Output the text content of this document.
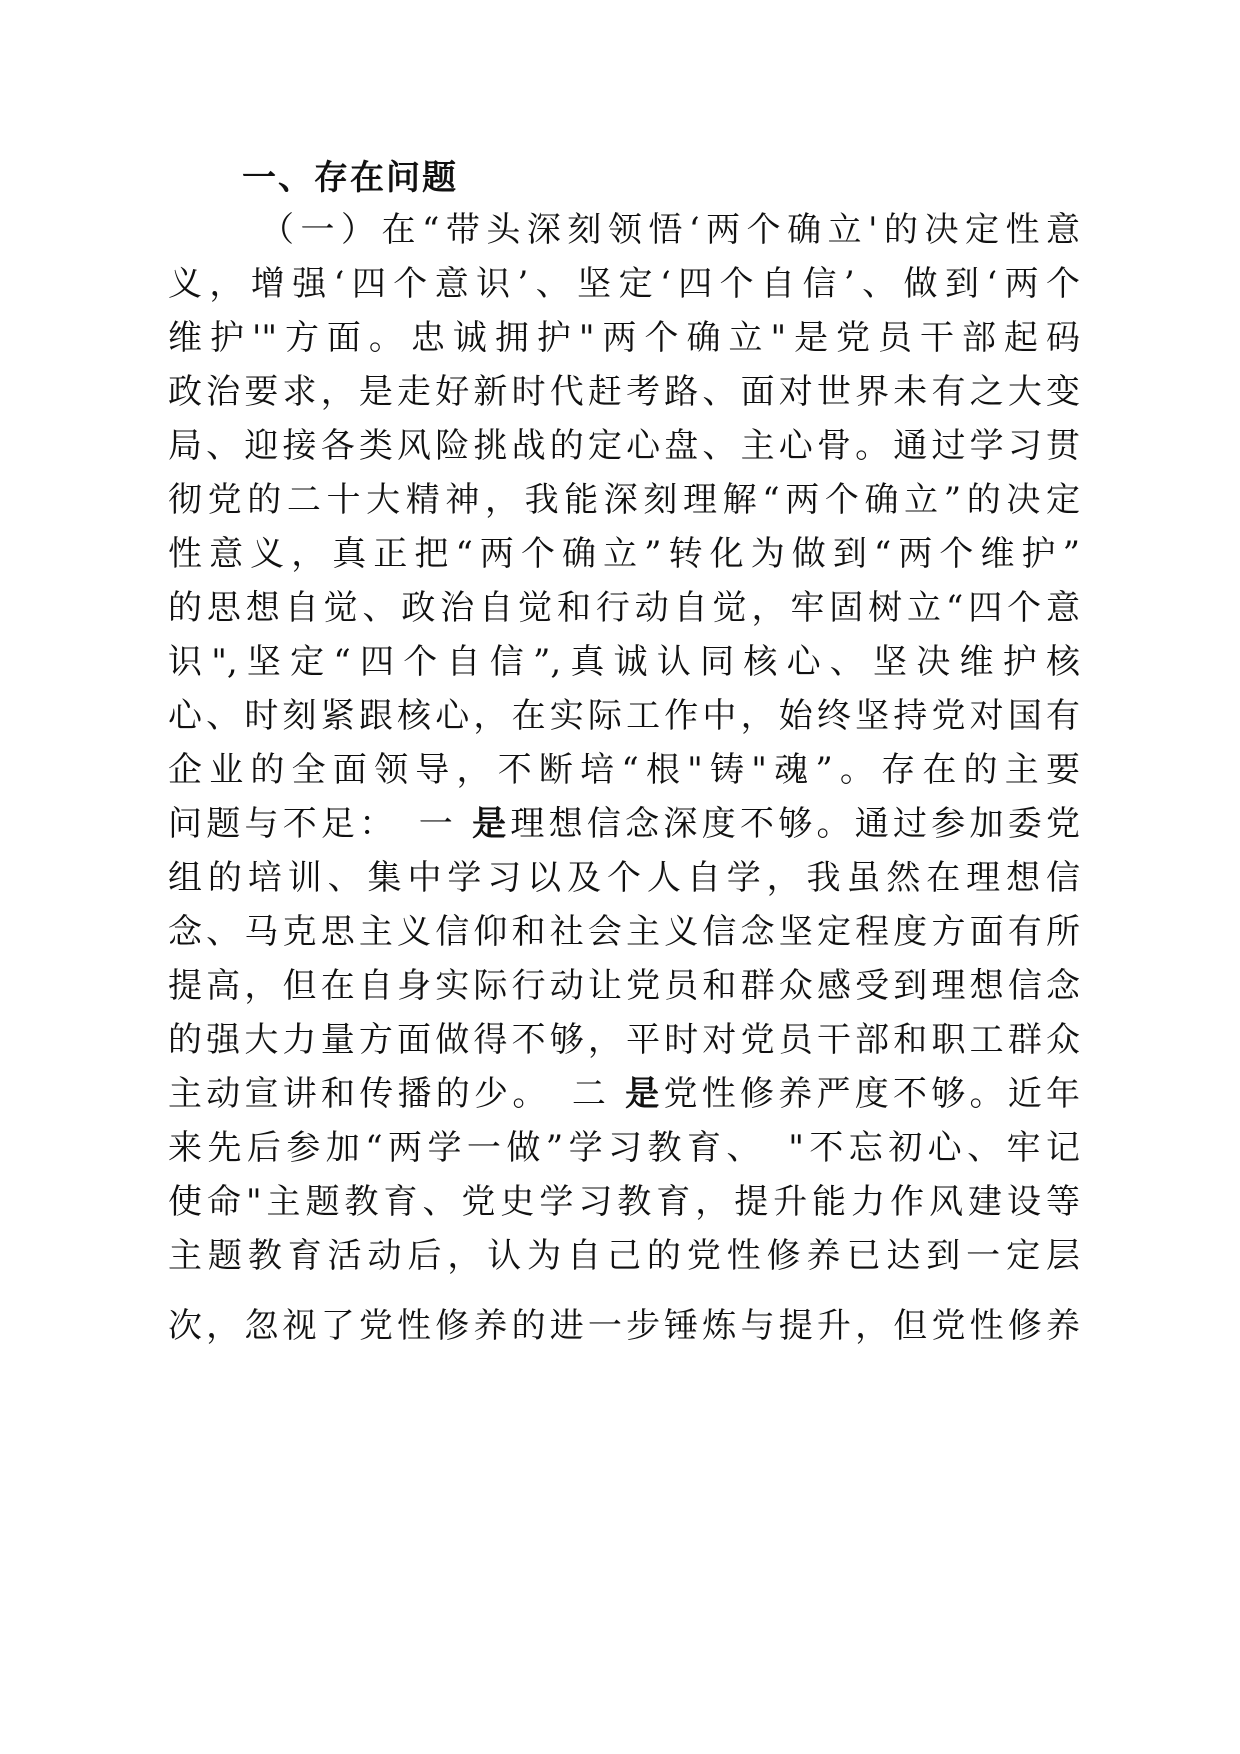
一、存在问题
（一）在“带头深刻领悟‘两个确立'的决定性意
义，增强‘四个意识’、坚定‘四个自信’、做到‘两个
维护'"方面。忠诚拥护"两个确立"是党员干部起码
政治要求，是走好新时代赶考路、面对世界未有之大变
局、迎接各类风险挑战的定心盘、主心骨。通过学习贯
彻党的二十大精神，我能深刻理解“两个确立”的决定
性意义，真正把“两个确立”转化为做到“两个维护”
的思想自觉、政治自觉和行动自觉，牢固树立“四个意
识",坚定“四个自信”,真诚认同核心、坚决维护核
心、时刻紧跟核心，在实际工作中，始终坚持党对国有
企业的全面领导，不断培“根"铸"魂”。存在的主要
问题与不足：　一 是理想信念深度不够。通过参加委党
组的培训、集中学习以及个人自学，我虽然在理想信
念、马克思主义信仰和社会主义信念坚定程度方面有所
提高，但在自身实际行动让党员和群众感受到理想信念
的强大力量方面做得不够，平时对党员干部和职工群众
主动宣讲和传播的少。　二 是党性修养严度不够。近年
来先后参加“两学一做”学习教育、　"不忘初心、牢记
使命"主题教育、党史学习教育，提升能力作风建设等
主题教育活动后，认为自己的党性修养已达到一定层
次，忽视了党性修养的进一步锤炼与提升，但党性修养
